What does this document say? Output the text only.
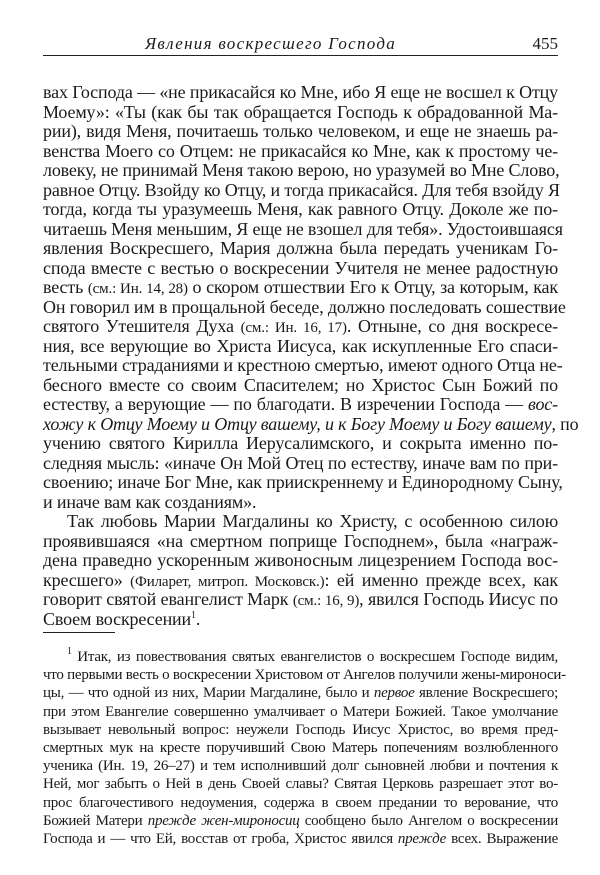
Явления воскресшего Господа	455
вах Господа — «не прикасайся ко Мне, ибо Я еще не восшел к Отцу
Моему»: «Ты (как бы так обращается Господь к обрадованной Ма-
рии), видя Меня, почитаешь только человеком, и еще не знаешь ра-
венства Моего со Отцем: не прикасайся ко Мне, как к простому че-
ловеку, не принимай Меня такою верою, но уразумей во Мне Слово,
равное Отцу. Взойду ко Отцу, и тогда прикасайся. Для тебя взойду Я
тогда, когда ты уразумеешь Меня, как равного Отцу. Доколе же по-
читаешь Меня меньшим, Я еще не взошел для тебя». Удостоившаяся
явления Воскресшего, Мария должна была передать ученикам Го-
спода вместе с вестью о воскресении Учителя не менее радостную
весть (см.: Ин. 14, 28) о скором отшествии Его к Отцу, за которым, как
Он говорил им в прощальной беседе, должно последовать сошествие
святого Утешителя Духа (см.: Ин. 16, 17). Отныне, со дня воскресе-
ния, все верующие во Христа Иисуса, как искупленные Его спаси-
тельными страданиями и крестною смертью, имеют одного Отца не-
бесного вместе со своим Спасителем; но Христос Сын Божий по
естеству, а верующие — по благодати. В изречении Господа — вос-
хожу к Отцу Моему и Отцу вашему, и к Богу Моему и Богу вашему, по
учению святого Кирилла Иерусалимского, и сокрыта именно по-
следняя мысль: «иначе Он Мой Отец по естеству, иначе вам по при-
своению; иначе Бог Мне, как приискреннему и Единородному Сыну,
и иначе вам как созданиям».
Так любовь Марии Магдалины ко Христу, с особенною силою
проявившаяся «на смертном поприще Господнем», была «награж-
дена праведно ускоренным живоносным лицезрением Господа вос-
кресшего» (Филарет, митроп. Московск.): ей именно прежде всех, как
говорит святой евангелист Марк (см.: 16, 9), явился Господь Иисус по
Своем воскресении$^1$.
$^1$ Итак, из повествования святых евангелистов о воскресшем Господе видим,
что первыми весть о воскресении Христовом от Ангелов получили жены-мироноси-
цы, — что одной из них, Марии Магдалине, было и первое явление Воскресшего;
при этом Евангелие совершенно умалчивает о Матери Божией. Такое умолчание
вызывает невольный вопрос: неужели Господь Иисус Христос, во время пред-
смертных мук на кресте поручивший Свою Матерь попечениям возлюбленного
ученика (Ин. 19, 26–27) и тем исполнивший долг сыновней любви и почтения к
Ней, мог забыть о Ней в день Своей славы? Святая Церковь разрешает этот во-
прос благочестивого недоумения, содержа в своем предании то верование, что
Божией Матери прежде жен-мироносиц сообщено было Ангелом о воскресении
Господа и — что Ей, восстав от гроба, Христос явился прежде всех. Выражение
